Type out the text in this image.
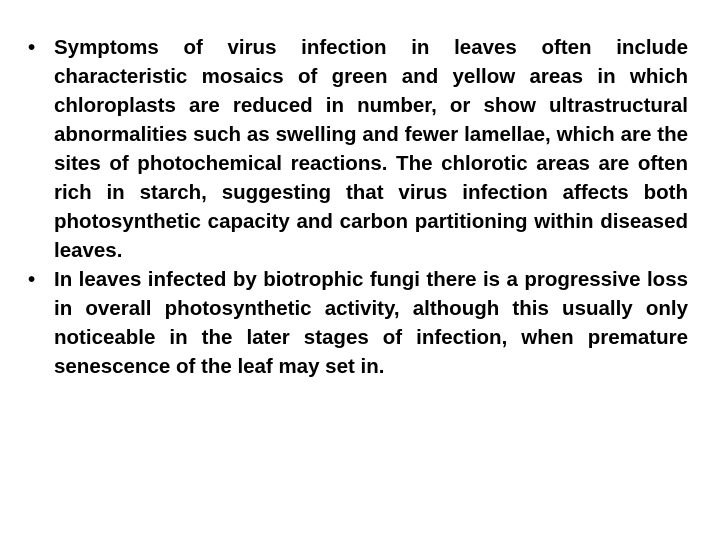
• Symptoms of virus infection in leaves often include characteristic mosaics of green and yellow areas in which chloroplasts are reduced in number, or show ultrastructural abnormalities such as swelling and fewer lamellae, which are the sites of photochemical reactions. The chlorotic areas are often rich in starch, suggesting that virus infection affects both photosynthetic capacity and carbon partitioning within diseased leaves.
• In leaves infected by biotrophic fungi there is a progressive loss in overall photosynthetic activity, although this usually only noticeable in the later stages of infection, when premature senescence of the leaf may set in.
